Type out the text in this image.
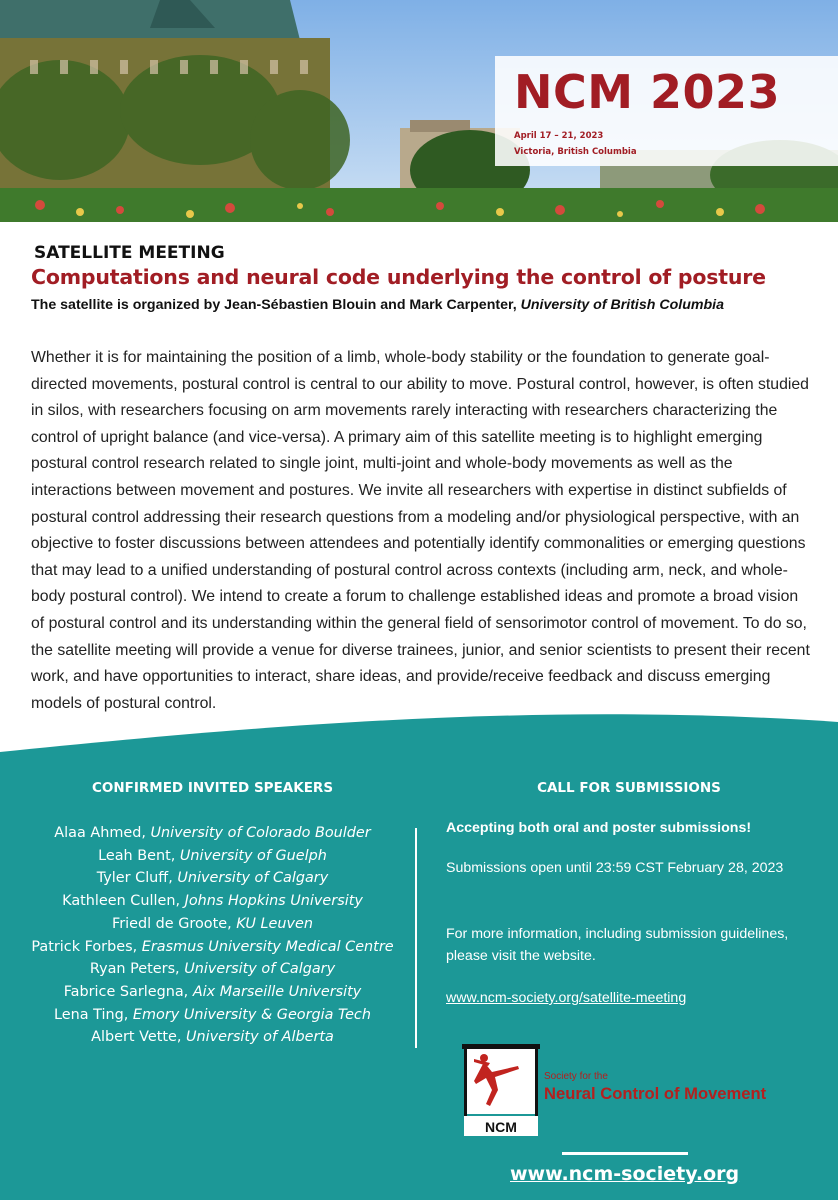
NCM 2023
April 17 – 21, 2023
Victoria, British Columbia
SATELLITE MEETING
Computations and neural code underlying the control of posture

The satellite is organized by Jean-Sébastien Blouin and Mark Carpenter, University of British Columbia

Whether it is for maintaining the position of a limb, whole-body stability or the foundation to generate goal-directed movements, postural control is central to our ability to move. Postural control, however, is often studied in silos, with researchers focusing on arm movements rarely interacting with researchers characterizing the control of upright balance (and vice-versa). A primary aim of this satellite meeting is to highlight emerging postural control research related to single joint, multi-joint and whole-body movements as well as the interactions between movement and postures. We invite all researchers with expertise in distinct subfields of postural control addressing their research questions from a modeling and/or physiological perspective, with an objective to foster discussions between attendees and potentially identify commonalities or emerging questions that may lead to a unified understanding of postural control across contexts (including arm, neck, and whole-body postural control). We intend to create a forum to challenge established ideas and promote a broad vision of postural control and its understanding within the general field of sensorimotor control of movement. To do so, the satellite meeting will provide a venue for diverse trainees, junior, and senior scientists to present their recent work, and have opportunities to interact, share ideas, and provide/receive feedback and discuss emerging models of postural control.

CONFIRMED INVITED SPEAKERS
Alaa Ahmed, University of Colorado Boulder
Leah Bent, University of Guelph
Tyler Cluff, University of Calgary
Kathleen Cullen, Johns Hopkins University
Friedl de Groote, KU Leuven
Patrick Forbes, Erasmus University Medical Centre
Ryan Peters, University of Calgary
Fabrice Sarlegna, Aix Marseille University
Lena Ting, Emory University & Georgia Tech
Albert Vette, University of Alberta
CALL FOR SUBMISSIONS

Accepting both oral and poster submissions!

Submissions open until 23:59 CST February 28, 2023

For more information, including submission guidelines, please visit the website.

www.ncm-society.org/satellite-meeting
NCM
Society for the
Neural Control of Movement
www.ncm-society.org
